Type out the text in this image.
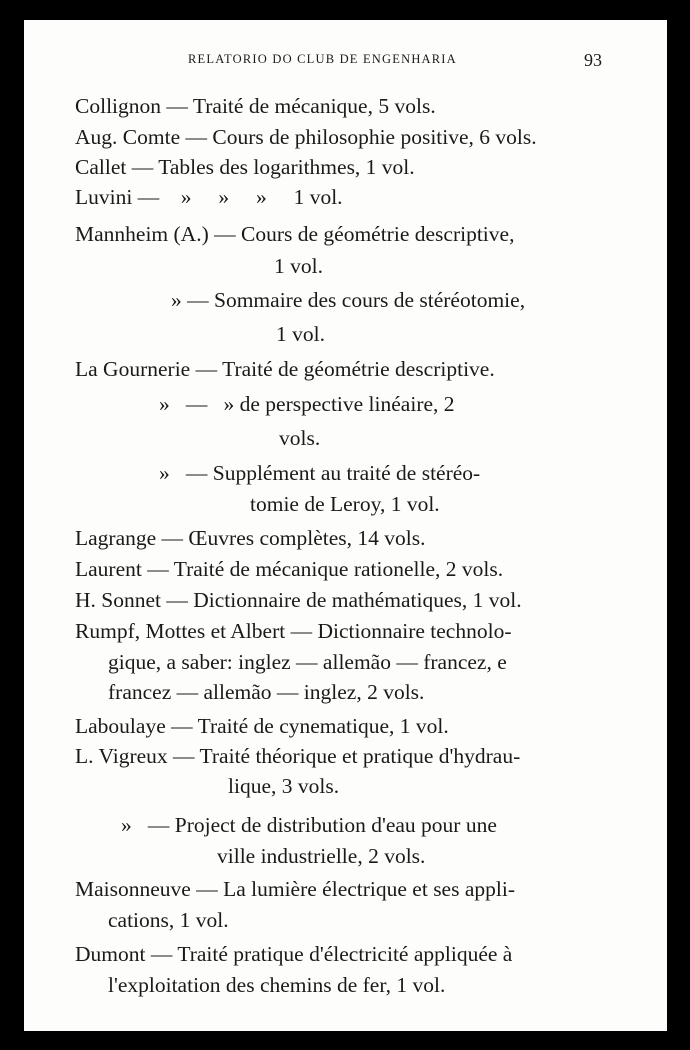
RELATORIO DO CLUB DE ENGENHARIA	93
Collignon — Traité de mécanique, 5 vols.
Aug. Comte — Cours de philosophie positive, 6 vols.
Callet — Tables des logarithmes, 1 vol.
Luvini —    »     »     »     1 vol.
Mannheim (A.) — Cours de géométrie descriptive,
1 vol.
» — Sommaire des cours de stéréotomie,
1 vol.
La Gournerie — Traité de géométrie descriptive.
»   —   » de perspective linéaire, 2
vols.
»   — Supplément au traité de stéréo-
tomie de Leroy, 1 vol.
Lagrange — Œuvres complètes, 14 vols.
Laurent — Traité de mécanique rationelle, 2 vols.
H. Sonnet — Dictionnaire de mathématiques, 1 vol.
Rumpf, Mottes et Albert — Dictionnaire technolo-
gique, a saber: inglez — allemão — francez, e
francez — allemão — inglez, 2 vols.
Laboulaye — Traité de cynematique, 1 vol.
L. Vigreux — Traité théorique et pratique d'hydrau-
lique, 3 vols.
»   — Project de distribution d'eau pour une
ville industrielle, 2 vols.
Maisonneuve — La lumière électrique et ses appli-
cations, 1 vol.
Dumont — Traité pratique d'électricité appliquée à
l'exploitation des chemins de fer, 1 vol.
